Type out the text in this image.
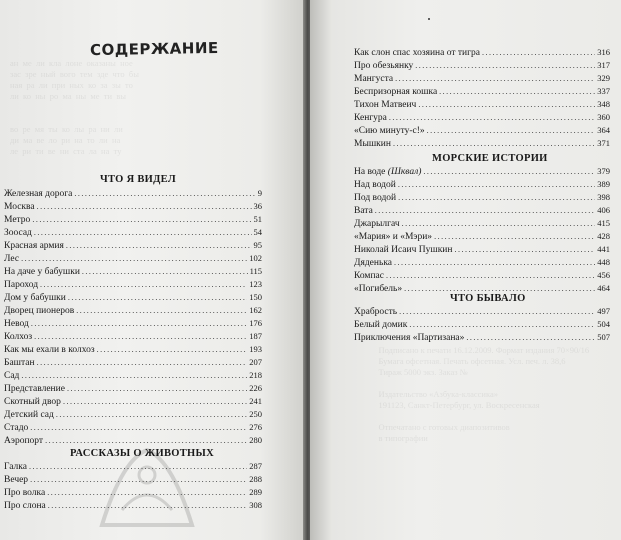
ан  ме  ли  кла  лоне  оказаны  ное
зас  зре  ный  вого  тем  зде  что  бы
ная  ра  ли  при  ных  ко  за  зы  то
ли  ко  ны  ро  ма  ны  ме  ти  вы

во  ре  мя  ты  ко  лы  ра  ни  ли
ди  ма  ве  ло  ри  на  то  ли  на
ле  ри  ти  ве  ни  ста  ла  на  ту
СОДЕРЖАНИЕ
ЧТО Я ВИДЕЛ
Железная дорога .....	9
Москва .....	36
Метро .....	51
Зоосад .....	54
Красная армия .....	95
Лес .....	102
На даче у бабушки .....	115
Пароход .....	123
Дом у бабушки .....	150
Дворец пионеров .....	162
Невод .....	176
Колхоз .....	187
Как мы ехали в колхоз .....	193
Баштан .....	207
Сад .....	218
Представление .....	226
Скотный двор .....	241
Детский сад .....	250
Стадо .....	276
Аэропорт .....	280
РАССКАЗЫ О ЖИВОТНЫХ
Галка .....	287
Вечер .....	288
Про волка .....	289
Про слона .....	308
Как слон спас хозяина от тигра .....	316
Про обезьянку .....	317
Мангуста .....	329
Беспризорная кошка .....	337
Тихон Матвеич .....	348
Кенгура .....	360
«Сию минуту-с!» .....	364
Мышкин .....	371
МОРСКИЕ ИСТОРИИ
На воде (Шквал) .....	379
Над водой .....	389
Под водой .....	398
Вата .....	406
Джарылгач .....	415
«Мария» и «Мэри» .....	428
Николай Исаич Пушкин .....	441
Дяденька .....	448
Компас .....	456
«Погибель» .....	464
ЧТО БЫВАЛО
Храбрость .....	497
Белый домик .....	504
Приключения «Партизана» .....	507
Подписано к печати 16.12.2009. Формат издания 70×90/16
Бумага офсетная. Печать офсетная. Усл. печ. л. 38,6
Тираж 5000 экз. Заказ №

Издательство «Азбука-классика»
191123, Санкт-Петербург, ул. Воскресенская

Отпечатано с готовых диапозитивов
в типографии
